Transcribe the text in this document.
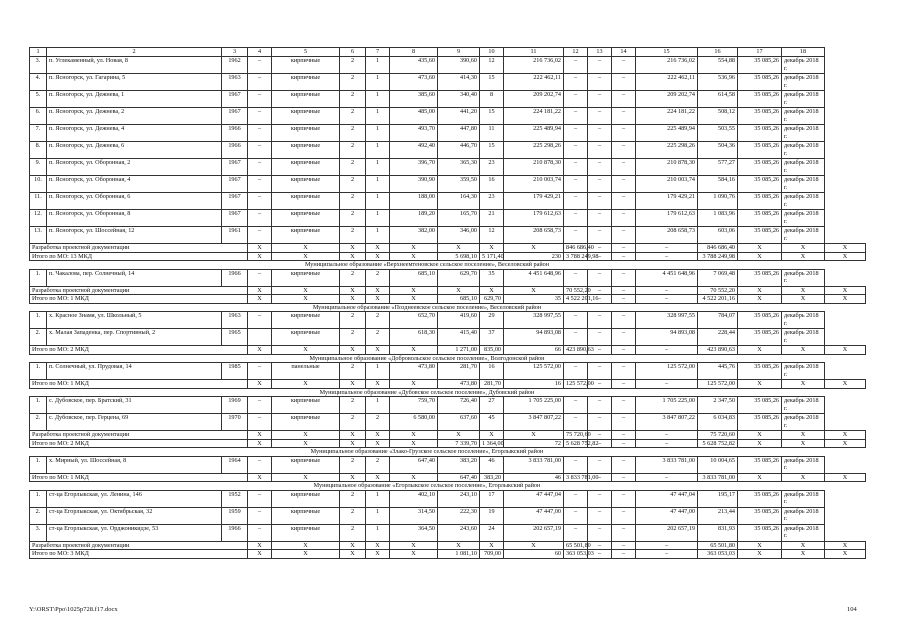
1	2	3	4	5	6	7	8	9	10	11	12	13	14	15	16	17	18	
3.	п. Углекаменный, ул. Новая, 8	1962	–	кирпичные	2	1	435,60	390,60	12	216 736,02	–	–	–	216 736,02	554,88	35 085,26	декабрь 2018 г.	
4.	п. Ясногорск, ул. Гагарина, 5	1963	–	кирпичные	2	1	473,60	414,30	15	222 462,11	–	–	–	222 462,11	536,96	35 085,26	декабрь 2018 г.	
5.	п. Ясногорск, ул. Дежнева, 1	1967	–	кирпичные	2	1	385,60	340,40	8	209 202,74	–	–	–	209 202,74	614,58	35 085,26	декабрь 2018 г.	
6.	п. Ясногорск, ул. Дежнева, 2	1967	–	кирпичные	2	1	485,00	441,20	15	224 181,22	–	–	–	224 181,22	508,12	35 085,26	декабрь 2018 г.	
7.	п. Ясногорск, ул. Дежнева, 4	1966	–	кирпичные	2	1	493,70	447,80	11	225 489,94	–	–	–	225 489,94	503,55	35 085,26	декабрь 2018 г.	
8.	п. Ясногорск, ул. Дежнева, 6	1966	–	кирпичные	2	1	492,40	446,70	15	225 298,26	–	–	–	225 298,26	504,36	35 085,26	декабрь 2018 г.	
9.	п. Ясногорск, ул. Оборонная, 2	1967	–	кирпичные	2	1	396,70	365,30	23	210 878,30	–	–	–	210 878,30	577,27	35 085,26	декабрь 2018 г.	
10.	п. Ясногорск, ул. Оборонная, 4	1967	–	кирпичные	2	1	390,90	359,50	16	210 003,74	–	–	–	210 003,74	584,16	35 085,26	декабрь 2018 г.	
11.	п. Ясногорск, ул. Оборонная, 6	1967	–	кирпичные	2	1	188,00	164,30	23	179 429,21	–	–	–	179 429,21	1 090,76	35 085,26	декабрь 2018 г.	
12.	п. Ясногорск, ул. Оборонная, 8	1967	–	кирпичные	2	1	189,20	165,70	21	179 612,63	–	–	–	179 612,63	1 083,96	35 085,26	декабрь 2018 г.	
13.	п. Ясногорск, ул. Шоссейная, 12	1961	–	кирпичные	2	1	382,00	346,00	12	208 658,73	–	–	–	208 658,73	603,06	35 085,26	декабрь 2018 г.	
Разработка проектной документации			X	X	X	X	X	X	X	X	846 686,40	–	–	–	846 686,40	X	X	X
Итого по МО: 13 МКД			X	X	X	X	X	5 698,10	5 171,40	230	3 788 249,98	–	–	–	3 788 249,98	X	X	X
Муниципальное образование «Верхнеемтеновское сельское поселение», Веселовский район																		
1.	п. Чакалова, пер. Солнечный, 14	1966	–	кирпичные	2	2	685,10	629,70	35	4 451 648,96	–	–	–	4 451 648,96	7 069,48	35 085,26	декабрь 2018 г.	
Разработка проектной документации			X	X	X	X	X	X	X	X	70 552,20	–	–	–	70 552,20	X	X	X
Итого по МО: 1 МКД			X	X	X	X	X	685,10	629,70	35	4 522 201,16	–	–	–	4 522 201,16	X	X	X
Муниципальное образование «Позднеевское сельское поселение», Веселовский район																		
1.	х. Красное Знамя, ул. Школьный, 5	1963	–	кирпичные	2	2	652,70	419,60	29	328 997,55	–	–	–	328 997,55	784,07	35 085,26	декабрь 2018 г.	
2.	х. Малая Западенка, пер. Спортивный, 2	1965		кирпичные	2	2	618,30	415,40	37	94 893,08	–	–	–	94 893,08	228,44	35 085,26	декабрь 2018 г.	
Итого по МО: 2 МКД			X	X	X	X	X	1 271,00	835,00	66	423 890,63	–	–	–	423 890,63	X	X	X
Муниципальное образование «Добровольское сельское поселение», Волгодонской район																		
1.	п. Солнечный, ул. Прудовая, 14	1985	–	панельные	2	1	473,80	281,70	16	125 572,00	–	–	–	125 572,00	445,76	35 085,26	декабрь 2018 г.	
Итого по МО: 1 МКД			X	X	X	X	X	473,80	281,70	16	125 572,00	–	–	–	125 572,00	X	X	X
Муниципальное образование «Дубовское сельское поселение», Дубовский район																		
1.	с. Дубовское, пер. Братский, 31	1969	–	кирпичные	2	1	759,70	726,40	27	1 705 225,00	–	–	–	1 705 225,00	2 347,50	35 085,26	декабрь 2018 г.	
2.	с. Дубовское, пер. Герцена, 69	1970	–	кирпичные	2	2	6 580,00	637,60	45	3 847 807,22	–	–	–	3 847 807,22	6 034,83	35 085,26	декабрь 2018 г.	
Разработка проектной документации			X	X	X	X	X	X	X	X	75 720,60	–	–	–	75 720,60	X	X	X
Итого по МО: 2 МКД			X	X	X	X	X	7 339,70	1 364,00	72	5 628 752,82	–	–	–	5 628 752,82	X	X	X
Муниципальное образование «Злако-Грузское сельское поселение», Егорлыкский район																		
1.	х. Мирный, ул. Шоссейная, 8	1964	–	кирпичные	2	2	647,40	383,20	46	3 833 781,00	–	–	–	3 833 781,00	10 004,65	35 085,26	декабрь 2018 г.	
Итого по МО: 1 МКД			X	X	X	X	X	647,40	383,20	46	3 833 781,00	–	–	–	3 833 781,00	X	X	X
Муниципальное образование «Егорлыкское сельское поселение», Егорлыкский район																		
1.	ст-ца Егорлыкская, ул. Ленина, 146	1952	–	кирпичные	2	1	402,10	243,10	17	47 447,04	–	–	–	47 447,04	195,17	35 085,26	декабрь 2018 г.	
2.	ст-ца Егорлыкская, ул. Октябрьская, 32	1959	–	кирпичные	2	1	314,50	222,30	19	47 447,00	–	–	–	47 447,00	213,44	35 085,26	декабрь 2018 г.	
3.	ст-ца Егорлыкская, ул. Орджоникидзе, 53	1966	–	кирпичные	2	1	364,50	243,60	24	202 657,19	–	–	–	202 657,19	831,93	35 085,26	декабрь 2018 г.	
Разработка проектной документации			X	X	X	X	X	X	X	X	65 501,80	–	–	–	65 501,80	X	X	X
Итого по МО: 3 МКД			X	X	X	X	X	1 081,10	709,00	60	363 053,03	–	–	–	363 053,03	X	X	X
Y:\ORST\Ppo\1025p728.f17.docx	104
